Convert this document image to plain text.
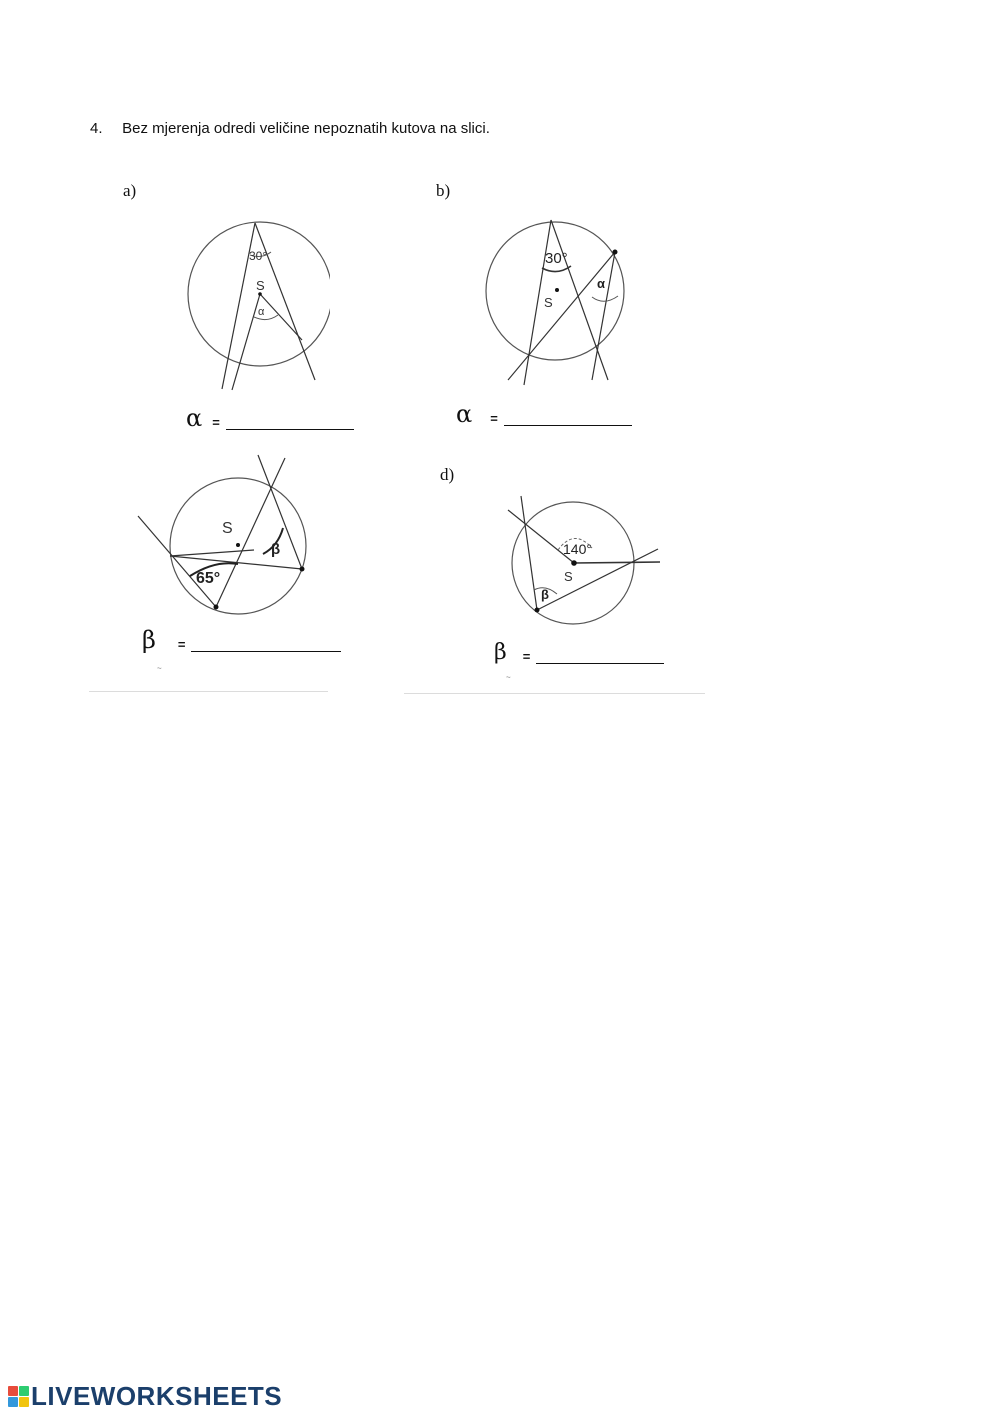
4. Bez mjerenja odredi veličine nepoznatih kutova na slici.
a)
30°
S
α
α =
b)
30°
S
α
α =
65°
S
β
β =
~
d)
140°
S
β
β =
~
LIVEWORKSHEETS
